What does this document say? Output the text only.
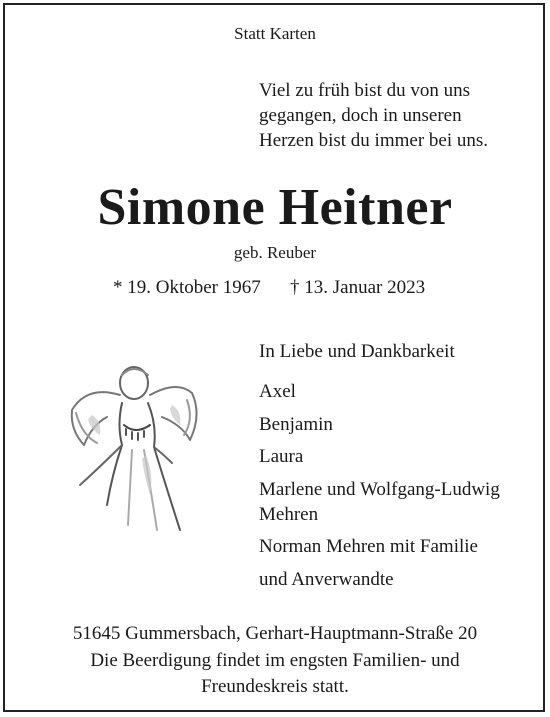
Statt Karten
Viel zu früh bist du von uns
gegangen, doch in unseren
Herzen bist du immer bei uns.
Simone Heitner
geb. Reuber
* 19. Oktober 1967 † 13. Januar 2023
In Liebe und Dankbarkeit
Axel
Benjamin
Laura
Marlene und Wolfgang-Ludwig Mehren
Norman Mehren mit Familie
und Anverwandte
51645 Gummersbach, Gerhart-Hauptmann-Straße 20
Die Beerdigung findet im engsten Familien- und
Freundeskreis statt.
